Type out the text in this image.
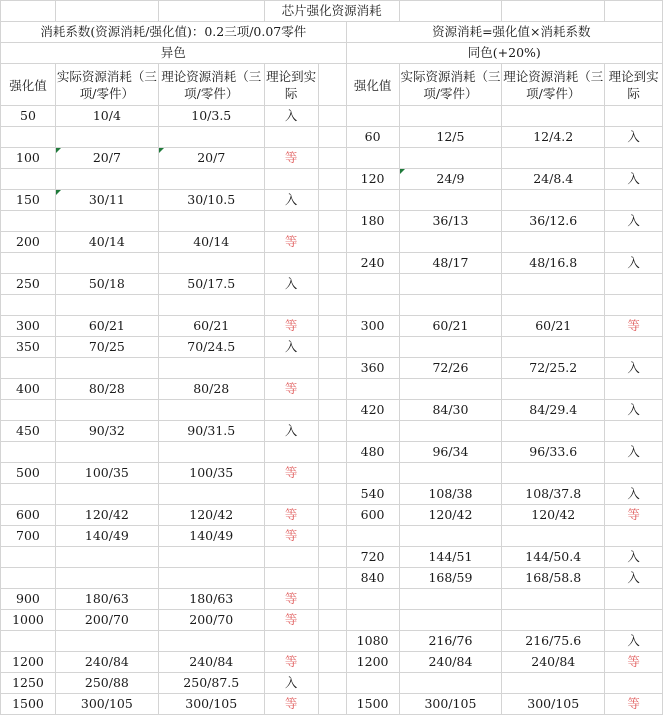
			芯片强化资源消耗					
消耗系数(资源消耗/强化值)：0.2三项/0.07零件					资源消耗=强化值×消耗系数			
异色					同色(+20%)			
强化值	实际资源消耗（三项/零件）	理论资源消耗（三项/零件）	理论到实际		强化值	实际资源消耗（三项/零件）	理论资源消耗（三项/零件）	理论到实际
50	10/4	10/3.5	入					
					60	12/5	12/4.2	入
100	20/7	20/7	等					
					120	24/9	24/8.4	入
150	30/11	30/10.5	入					
					180	36/13	36/12.6	入
200	40/14	40/14	等					
					240	48/17	48/16.8	入
250	50/18	50/17.5	入					

300	60/21	60/21	等		300	60/21	60/21	等
350	70/25	70/24.5	入					
					360	72/26	72/25.2	入
400	80/28	80/28	等					
					420	84/30	84/29.4	入
450	90/32	90/31.5	入					
					480	96/34	96/33.6	入
500	100/35	100/35	等					
					540	108/38	108/37.8	入
600	120/42	120/42	等		600	120/42	120/42	等
700	140/49	140/49	等					
					720	144/51	144/50.4	入
					840	168/59	168/58.8	入
900	180/63	180/63	等					
1000	200/70	200/70	等					
					1080	216/76	216/75.6	入
1200	240/84	240/84	等		1200	240/84	240/84	等
1250	250/88	250/87.5	入					
1500	300/105	300/105	等		1500	300/105	300/105	等
